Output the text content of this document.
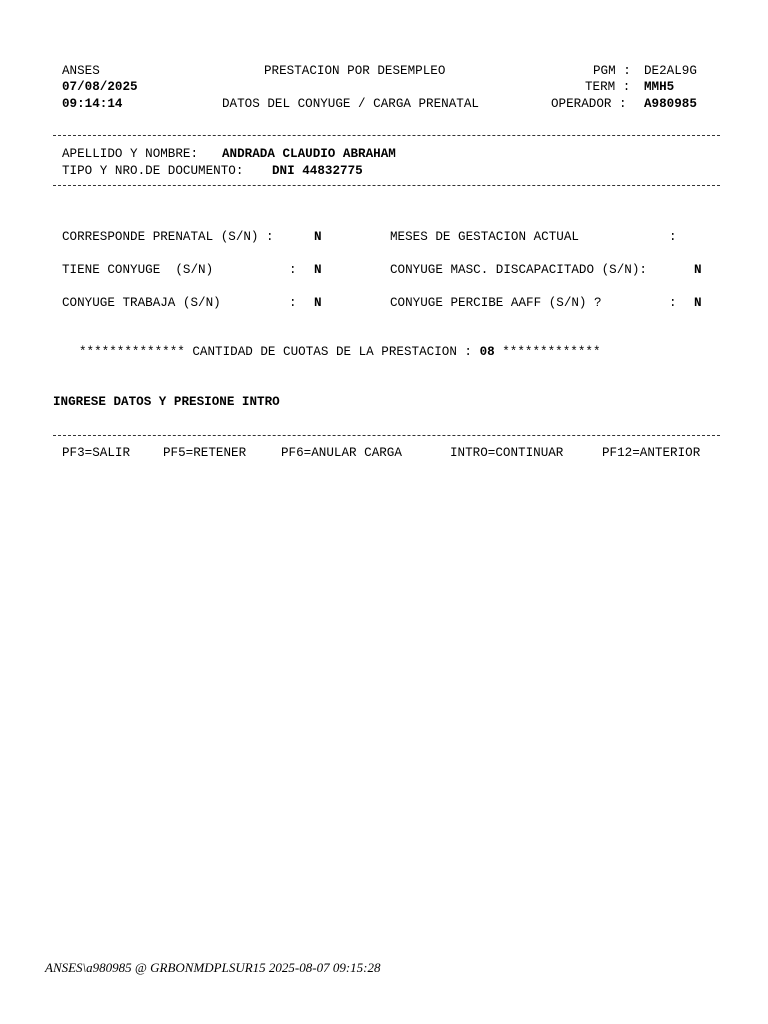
ANSES
07/08/2025
09:14:14
PRESTACION POR DESEMPLEO
DATOS DEL CONYUGE / CARGA PRENATAL
PGM : DE2AL9G
TERM : MMH5
OPERADOR : A980985
APELLIDO Y NOMBRE: ANDRADA CLAUDIO ABRAHAM
TIPO Y NRO.DE DOCUMENTO: DNI 44832775
CORRESPONDE PRENATAL (S/N) :	N	MESES DE GESTACION ACTUAL	:
TIENE CONYUGE  (S/N)	: N	CONYUGE MASC. DISCAPACITADO (S/N):	N
CONYUGE TRABAJA (S/N)	: N	CONYUGE PERCIBE AAFF (S/N) ?	: N
************** CANTIDAD DE CUOTAS DE LA PRESTACION : 08 *************
INGRESE DATOS Y PRESIONE INTRO
PF3=SALIR	PF5=RETENER	PF6=ANULAR CARGA	INTRO=CONTINUAR	PF12=ANTERIOR
ANSES\a980985 @ GRBONMDPLSUR15 2025-08-07 09:15:28
